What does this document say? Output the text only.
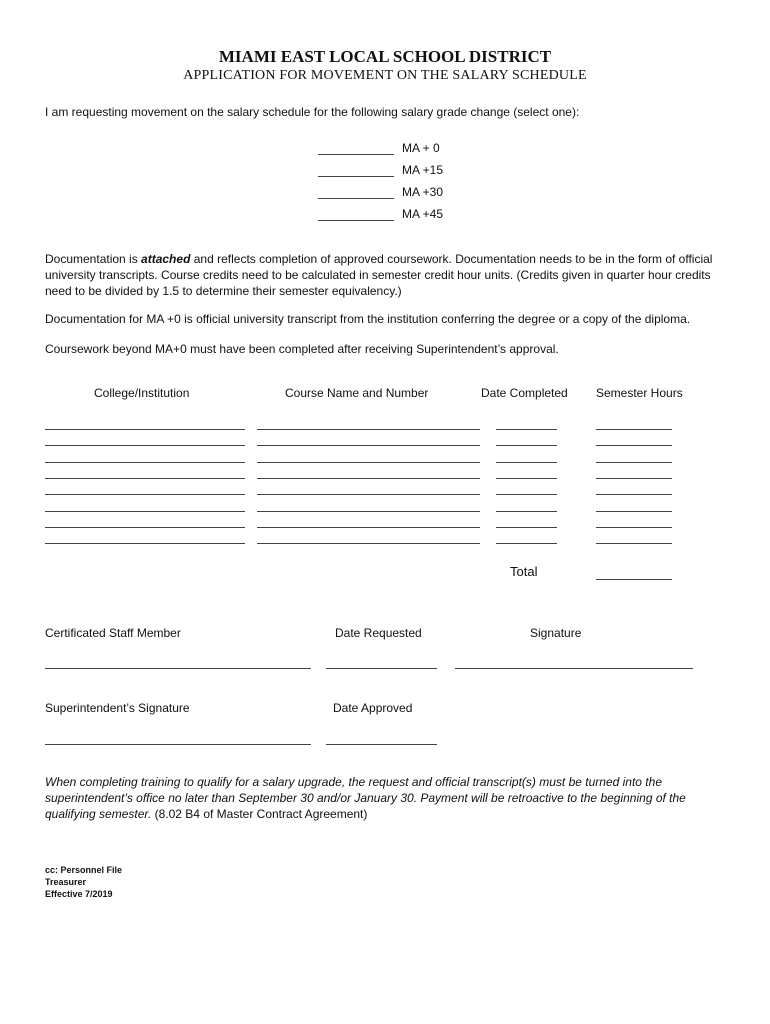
MIAMI EAST LOCAL SCHOOL DISTRICT
APPLICATION FOR MOVEMENT ON THE SALARY SCHEDULE
I am requesting movement on the salary schedule for the following salary grade change (select one):
MA + 0
MA +15
MA +30
MA +45
Documentation is attached and reflects completion of approved coursework. Documentation needs to be in the form of official university transcripts. Course credits need to be calculated in semester credit hour units. (Credits given in quarter hour credits need to be divided by 1.5 to determine their semester equivalency.)
Documentation for MA +0 is official university transcript from the institution conferring the degree or a copy of the diploma.
Coursework beyond MA+0 must have been completed after receiving Superintendent’s approval.
College/Institution	Course Name and Number	Date Completed Semester Hours
Total
Certificated Staff Member	Date Requested	Signature
Superintendent’s Signature	Date Approved
When completing training to qualify for a salary upgrade, the request and official transcript(s) must be turned into the superintendent’s office no later than September 30 and/or January 30. Payment will be retroactive to the beginning of the qualifying semester. (8.02 B4 of Master Contract Agreement)
cc: Personnel File
Treasurer
Effective 7/2019
